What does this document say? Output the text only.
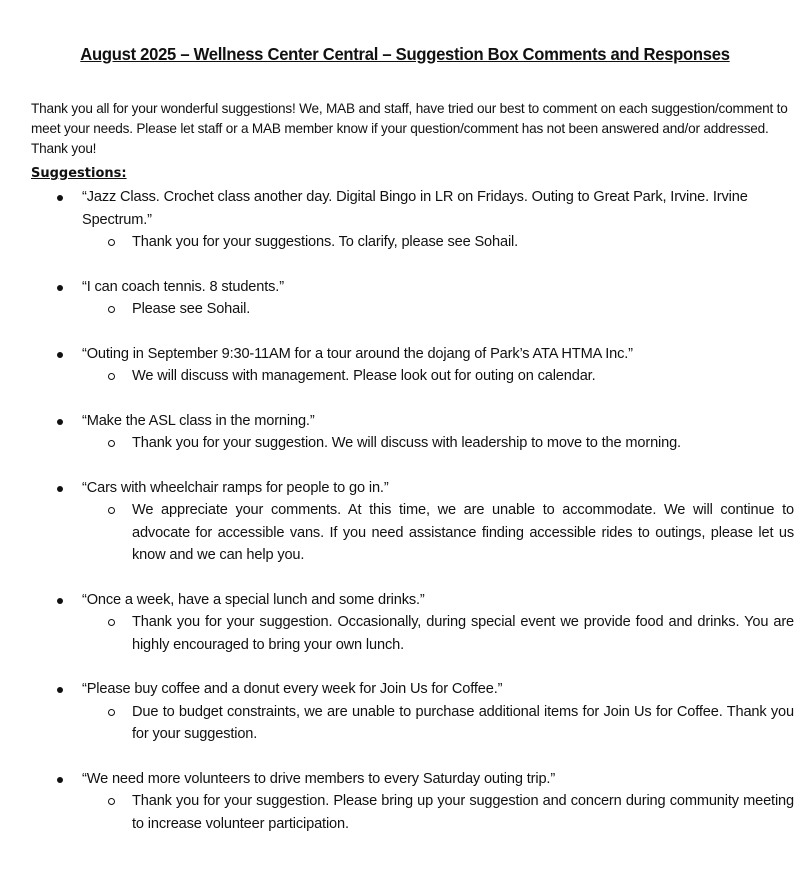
August 2025 – Wellness Center Central – Suggestion Box Comments and Responses
Thank you all for your wonderful suggestions! We, MAB and staff, have tried our best to comment on each suggestion/comment to meet your needs. Please let staff or a MAB member know if your question/comment has not been answered and/or addressed. Thank you!
Suggestions:
“Jazz Class. Crochet class another day. Digital Bingo in LR on Fridays. Outing to Great Park, Irvine. Irvine Spectrum.”
Thank you for your suggestions. To clarify, please see Sohail.
“I can coach tennis. 8 students.”
Please see Sohail.
“Outing in September 9:30-11AM for a tour around the dojang of Park’s ATA HTMA Inc.”
We will discuss with management. Please look out for outing on calendar.
“Make the ASL class in the morning.”
Thank you for your suggestion. We will discuss with leadership to move to the morning.
“Cars with wheelchair ramps for people to go in.”
We appreciate your comments. At this time, we are unable to accommodate. We will continue to advocate for accessible vans. If you need assistance finding accessible rides to outings, please let us know and we can help you.
“Once a week, have a special lunch and some drinks.”
Thank you for your suggestion. Occasionally, during special event we provide food and drinks. You are highly encouraged to bring your own lunch.
“Please buy coffee and a donut every week for Join Us for Coffee.”
Due to budget constraints, we are unable to purchase additional items for Join Us for Coffee. Thank you for your suggestion.
“We need more volunteers to drive members to every Saturday outing trip.”
Thank you for your suggestion. Please bring up your suggestion and concern during community meeting to increase volunteer participation.
